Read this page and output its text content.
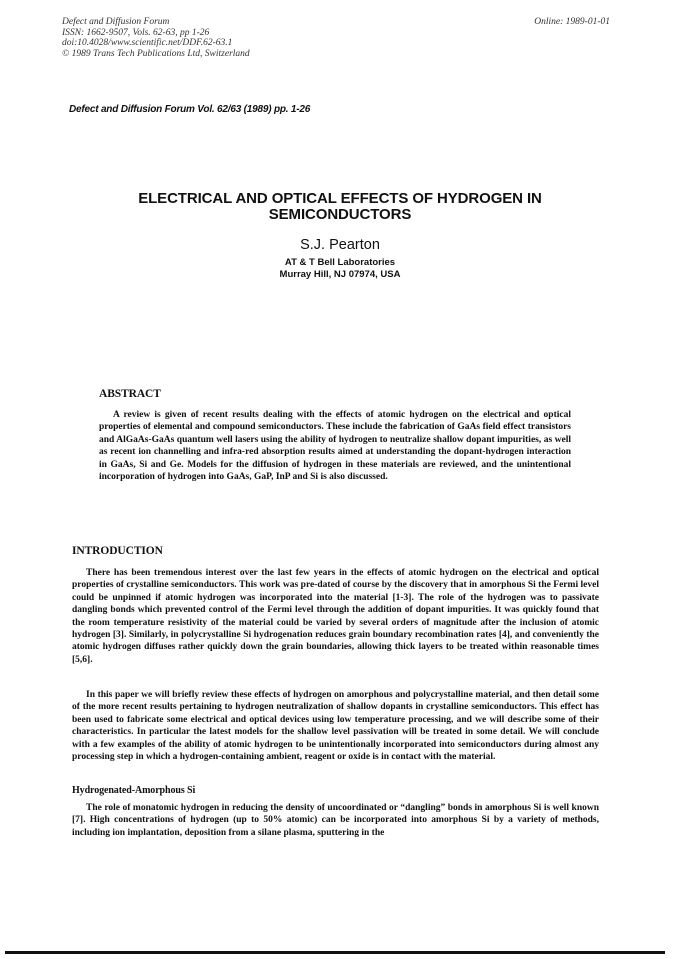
Defect and Diffusion Forum
ISSN: 1662-9507, Vols. 62-63, pp 1-26
doi:10.4028/www.scientific.net/DDF.62-63.1
© 1989 Trans Tech Publications Ltd, Switzerland
Online: 1989-01-01
Defect and Diffusion Forum Vol. 62/63 (1989) pp. 1-26
ELECTRICAL AND OPTICAL EFFECTS OF HYDROGEN IN
SEMICONDUCTORS
S.J. Pearton
AT & T Bell Laboratories
Murray Hill, NJ 07974, USA
ABSTRACT
A review is given of recent results dealing with the effects of atomic hydrogen on the electrical and optical properties of elemental and compound semiconductors. These include the fabrication of GaAs field effect transistors and AlGaAs-GaAs quantum well lasers using the ability of hydrogen to neutralize shallow dopant impurities, as well as recent ion channelling and infra-red absorption results aimed at understanding the dopant-hydrogen interaction in GaAs, Si and Ge. Models for the diffusion of hydrogen in these materials are reviewed, and the unintentional incorporation of hydrogen into GaAs, GaP, InP and Si is also discussed.
INTRODUCTION
There has been tremendous interest over the last few years in the effects of atomic hydrogen on the electrical and optical properties of crystalline semiconductors. This work was pre-dated of course by the discovery that in amorphous Si the Fermi level could be unpinned if atomic hydrogen was incorporated into the material [1-3]. The role of the hydrogen was to passivate dangling bonds which prevented control of the Fermi level through the addition of dopant impurities. It was quickly found that the room temperature resistivity of the material could be varied by several orders of magnitude after the inclusion of atomic hydrogen [3]. Similarly, in polycrystalline Si hydrogenation reduces grain boundary recombination rates [4], and conveniently the atomic hydrogen diffuses rather quickly down the grain boundaries, allowing thick layers to be treated within reasonable times [5,6].
In this paper we will briefly review these effects of hydrogen on amorphous and polycrystalline material, and then detail some of the more recent results pertaining to hydrogen neutralization of shallow dopants in crystalline semiconductors. This effect has been used to fabricate some electrical and optical devices using low temperature processing, and we will describe some of their characteristics. In particular the latest models for the shallow level passivation will be treated in some detail. We will conclude with a few examples of the ability of atomic hydrogen to be unintentionally incorporated into semiconductors during almost any processing step in which a hydrogen-containing ambient, reagent or oxide is in contact with the material.
Hydrogenated-Amorphous Si
The role of monatomic hydrogen in reducing the density of uncoordinated or “dangling” bonds in amorphous Si is well known [7]. High concentrations of hydrogen (up to 50% atomic) can be incorporated into amorphous Si by a variety of methods, including ion implantation, deposition from a silane plasma, sputtering in the
